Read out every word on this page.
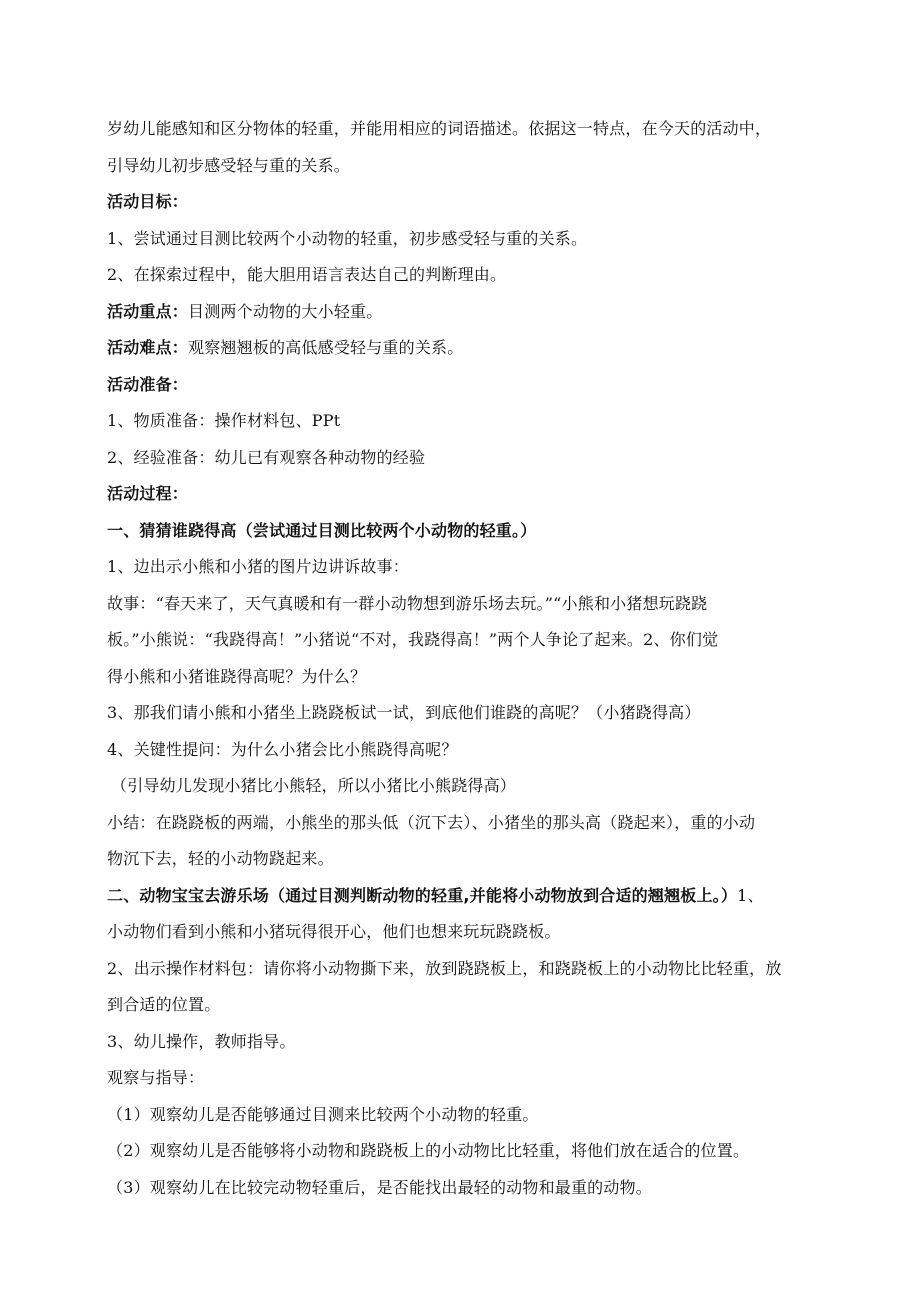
岁幼儿能感知和区分物体的轻重，并能用相应的词语描述。依据这一特点，在今天的活动中，

引导幼儿初步感受轻与重的关系。

活动目标：

1、尝试通过目测比较两个小动物的轻重，初步感受轻与重的关系。

2、在探索过程中，能大胆用语言表达自己的判断理由。

活动重点：目测两个动物的大小轻重。

活动难点：观察翘翘板的高低感受轻与重的关系。

活动准备：

1、物质准备：操作材料包、PPt

2、经验准备：幼儿已有观察各种动物的经验

活动过程：

一、猜猜谁跷得高（尝试通过目测比较两个小动物的轻重。）

1、边出示小熊和小猪的图片边讲诉故事：

故事：“春天来了，天气真暖和有一群小动物想到游乐场去玩。”“小熊和小猪想玩跷跷

板。”小熊说：“我跷得高！”小猪说“不对，我跷得高！”两个人争论了起来。2、你们觉

得小熊和小猪谁跷得高呢？为什么？

3、那我们请小熊和小猪坐上跷跷板试一试，到底他们谁跷的高呢？（小猪跷得高）

4、关键性提问：为什么小猪会比小熊跷得高呢？

（引导幼儿发现小猪比小熊轻，所以小猪比小熊跷得高）

小结：在跷跷板的两端，小熊坐的那头低（沉下去）、小猪坐的那头高（跷起来），重的小动

物沉下去，轻的小动物跷起来。

二、动物宝宝去游乐场（通过目测判断动物的轻重,并能将小动物放到合适的翘翘板上。）1、

小动物们看到小熊和小猪玩得很开心，他们也想来玩玩跷跷板。

2、出示操作材料包：请你将小动物撕下来，放到跷跷板上，和跷跷板上的小动物比比轻重，放

到合适的位置。

3、幼儿操作，教师指导。

观察与指导：

（1）观察幼儿是否能够通过目测来比较两个小动物的轻重。

（2）观察幼儿是否能够将小动物和跷跷板上的小动物比比轻重，将他们放在适合的位置。

（3）观察幼儿在比较完动物轻重后，是否能找出最轻的动物和最重的动物。
